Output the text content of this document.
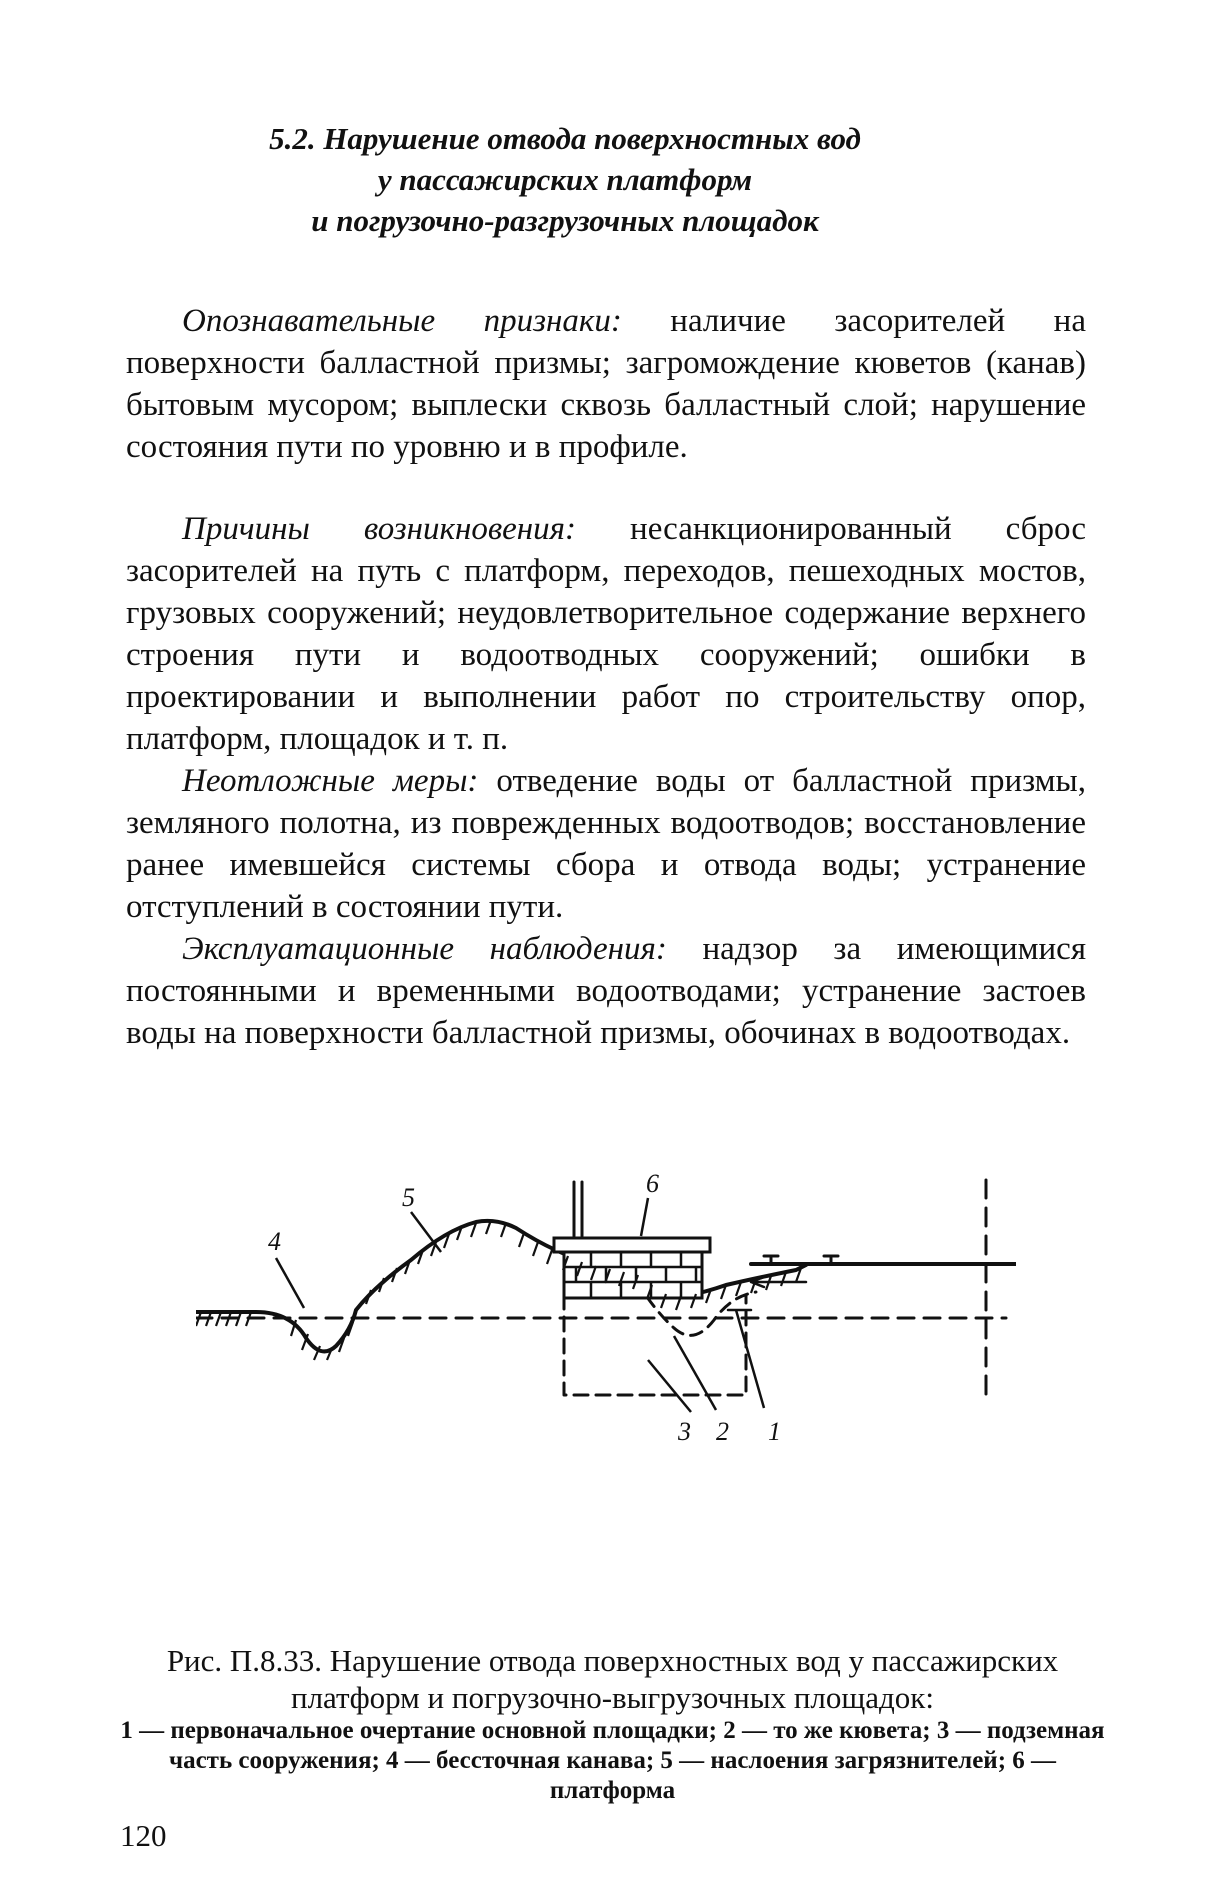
5.2. Нарушение отвода поверхностных вод
у пассажирских платформ
и погрузочно-разгрузочных площадок

Опознавательные признаки: наличие засорителей на поверхности балластной призмы; загромождение кюветов (канав) бытовым мусором; выплески сквозь балластный слой; нарушение состояния пути по уровню и в профиле.

Причины возникновения: несанкционированный сброс засорителей на путь с платформ, переходов, пешеходных мостов, грузовых сооружений; неудовлетворительное содержание верхнего строения пути и водоотводных сооружений; ошибки в проектировании и выполнении работ по строительству опор, платформ, площадок и т. п.

Неотложные меры: отведение воды от балластной призмы, земляного полотна, из поврежденных водоотводов; восстановление ранее имевшейся системы сбора и отвода воды; устранение отступлений в состоянии пути.

Эксплуатационные наблюдения: надзор за имеющимися постоянными и временными водоотводами; устранение застоев воды на поверхности балластной призмы, обочинах в водоотводах.

4
5	6
3 2 1
Рис. П.8.33. Нарушение отвода поверхностных вод у пассажирских платформ и погрузочно-выгрузочных площадок:
1 — первоначальное очертание основной площадки; 2 — то же кювета; 3 — подземная часть сооружения; 4 — бессточная канава; 5 — наслоения загрязнителей; 6 — платформа
120
